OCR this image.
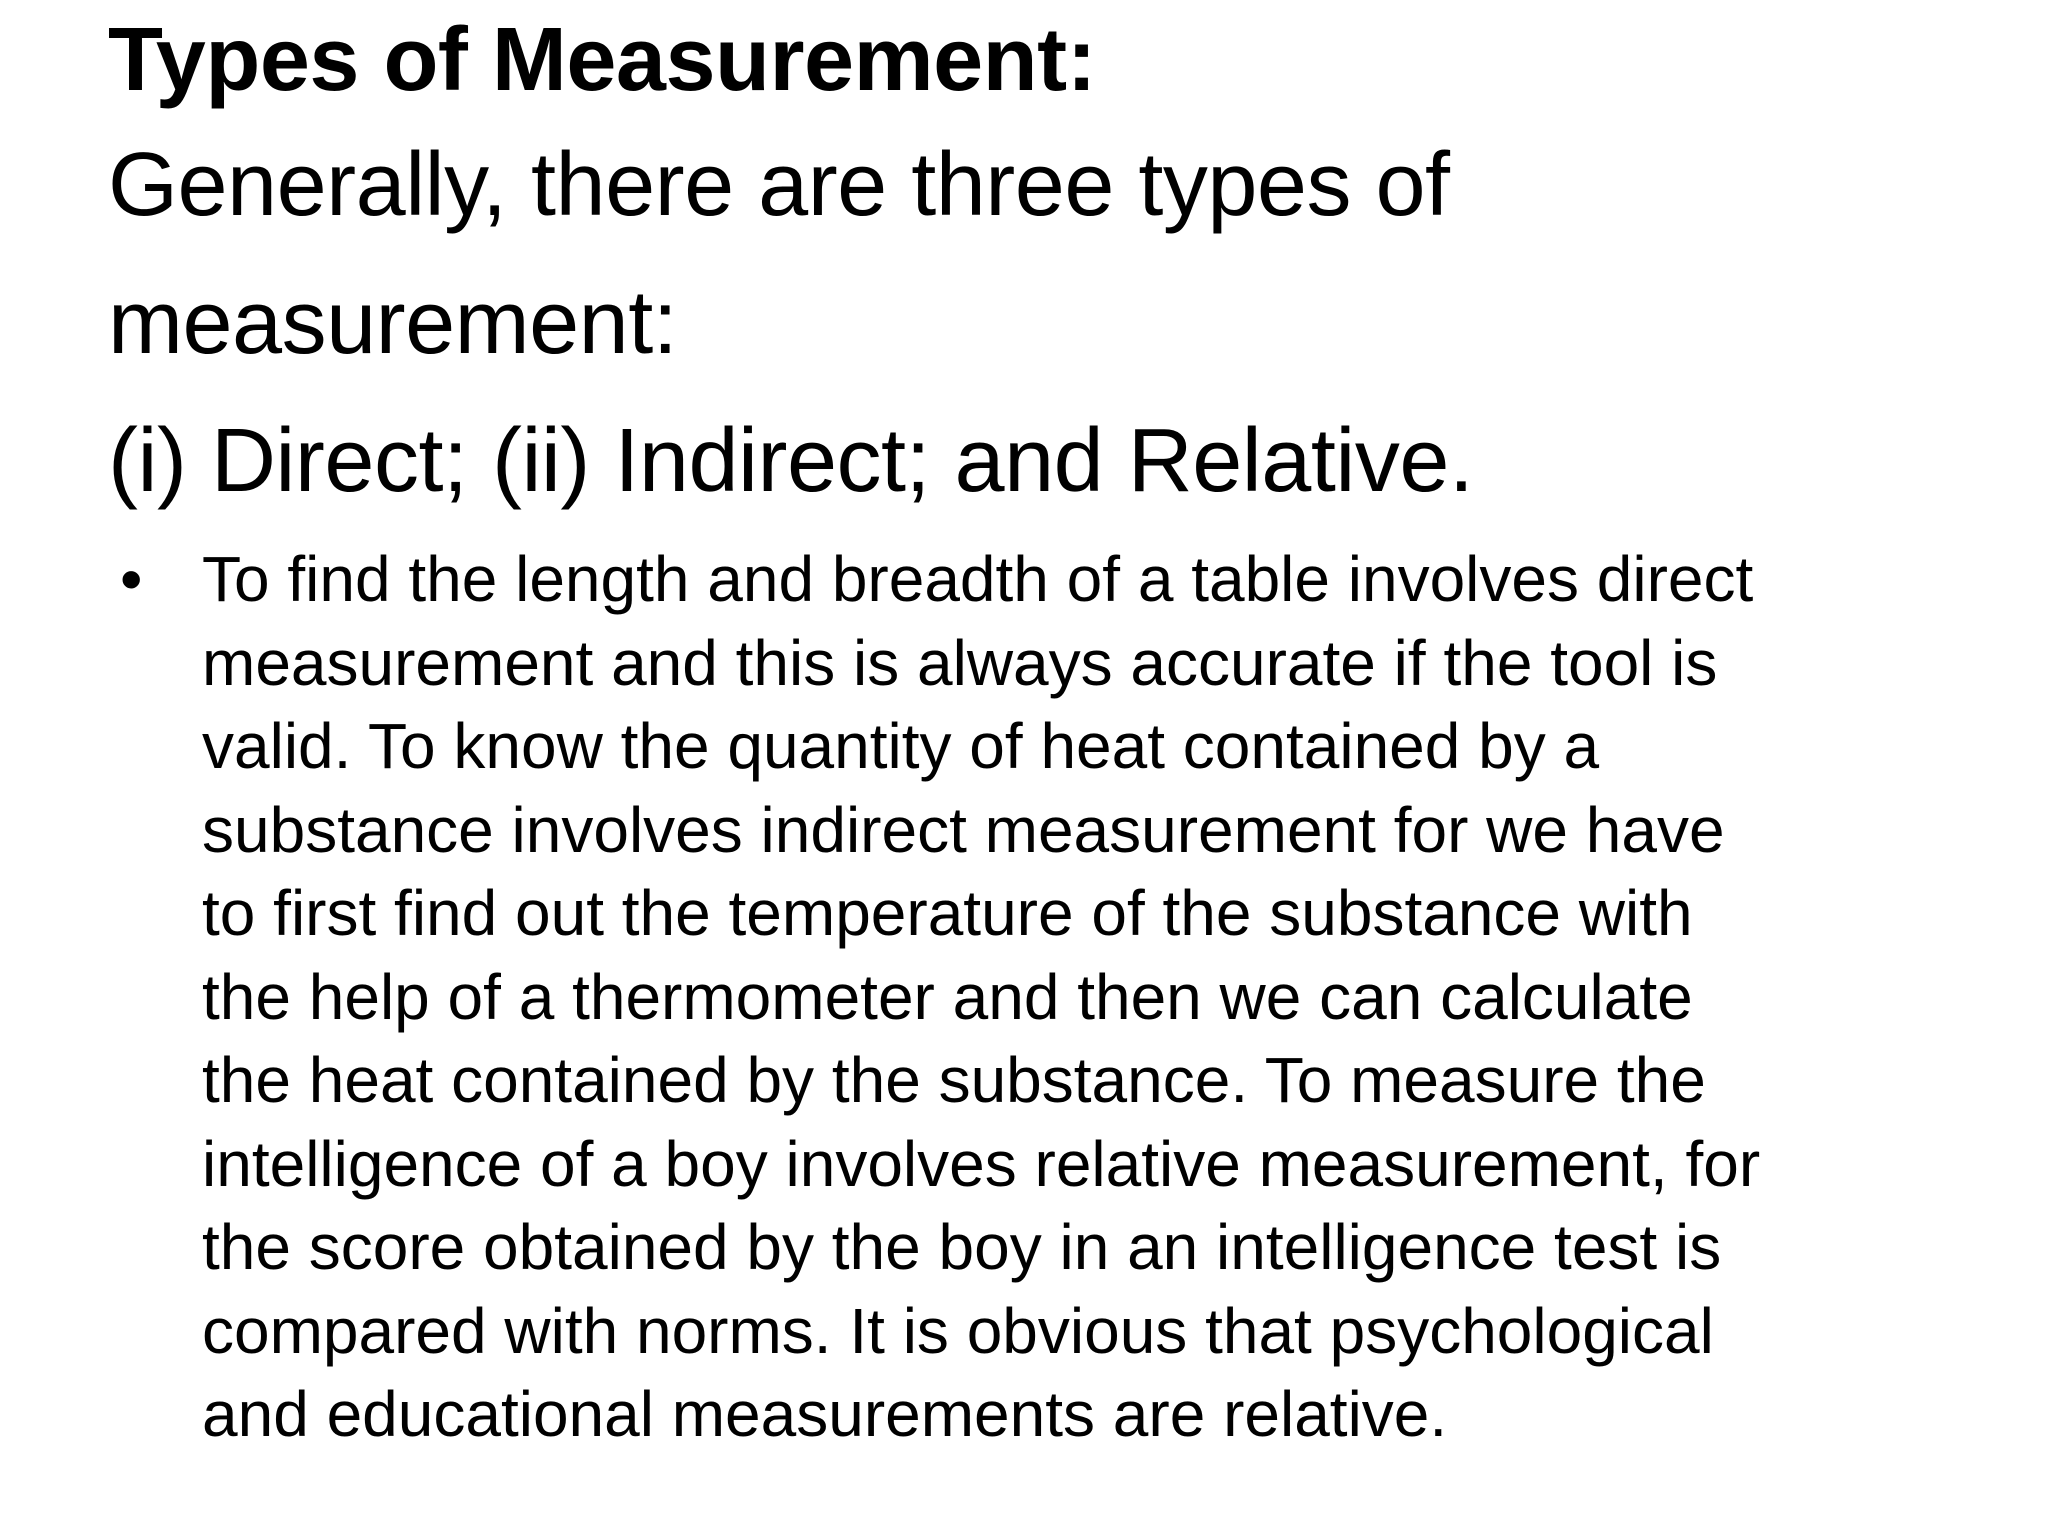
Types of Measurement:
Generally, there are three types of
measurement:
(i) Direct; (ii) Indirect; and Relative.
• To find the length and breadth of a table involves direct
measurement and this is always accurate if the tool is
valid. To know the quantity of heat contained by a
substance involves indirect measurement for we have
to first find out the temperature of the substance with
the help of a thermometer and then we can calculate
the heat contained by the substance. To measure the
intelligence of a boy involves relative measurement, for
the score obtained by the boy in an intelligence test is
compared with norms. It is obvious that psychological
and educational measurements are relative.
